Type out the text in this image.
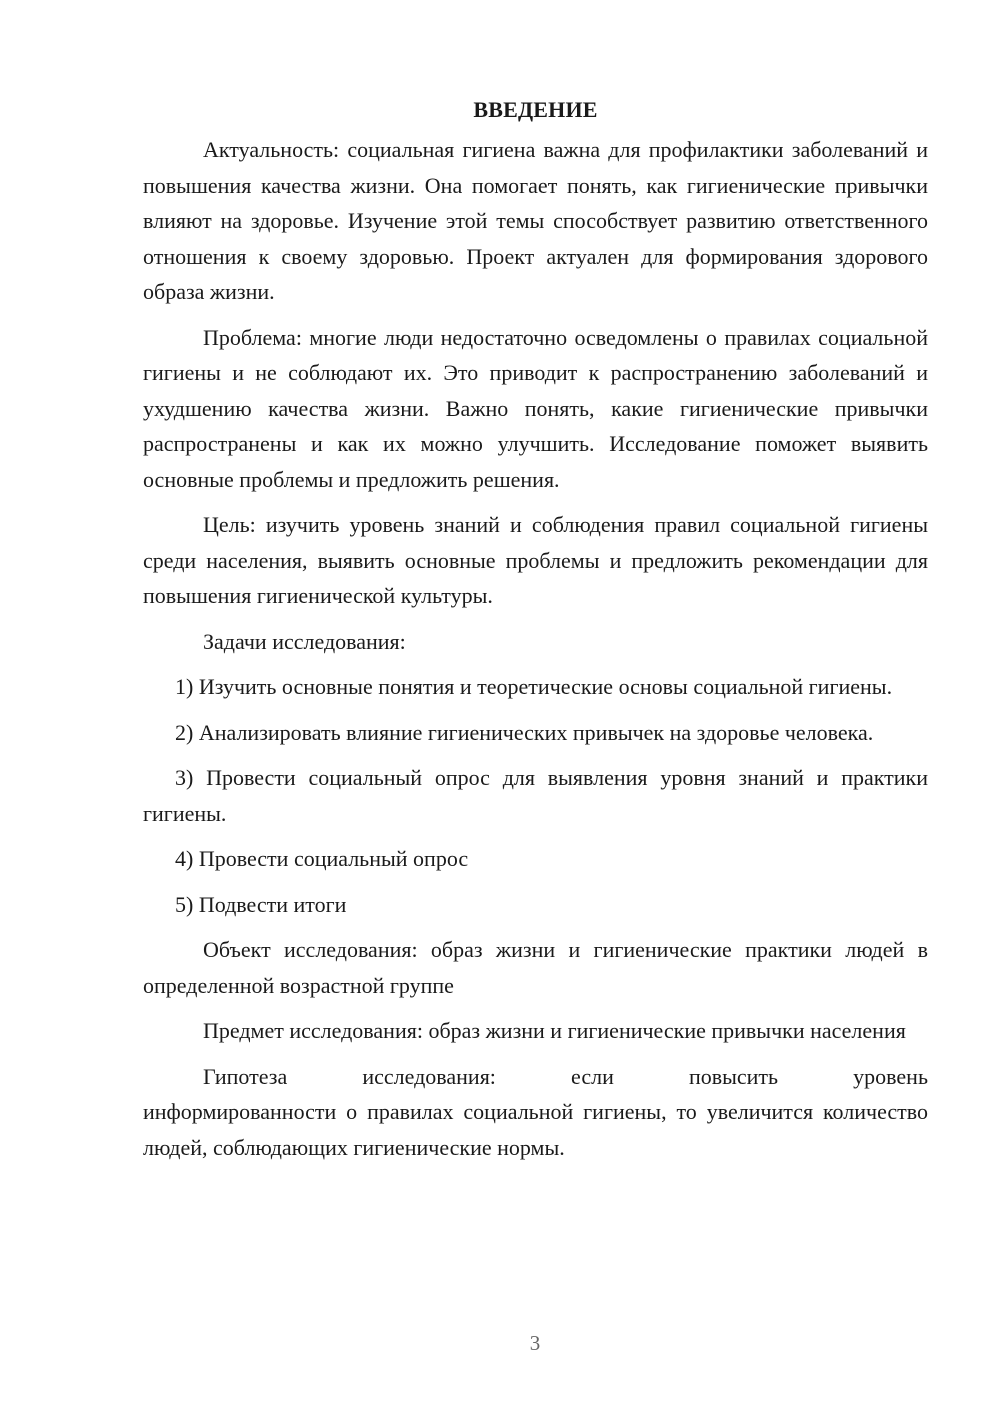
ВВЕДЕНИЕ

Актуальность: социальная гигиена важна для профилактики заболеваний и повышения качества жизни. Она помогает понять, как гигиенические привычки влияют на здоровье. Изучение этой темы способствует развитию ответственного отношения к своему здоровью. Проект актуален для формирования здорового образа жизни.

Проблема: многие люди недостаточно осведомлены о правилах социальной гигиены и не соблюдают их. Это приводит к распространению заболеваний и ухудшению качества жизни. Важно понять, какие гигиенические привычки распространены и как их можно улучшить. Исследование поможет выявить основные проблемы и предложить решения.

Цель: изучить уровень знаний и соблюдения правил социальной гигиены среди населения, выявить основные проблемы и предложить рекомендации для повышения гигиенической культуры.

Задачи исследования:

1) Изучить основные понятия и теоретические основы социальной гигиены.

2) Анализировать влияние гигиенических привычек на здоровье человека.

3) Провести социальный опрос для выявления уровня знаний и практики гигиены.

4) Провести социальный опрос

5) Подвести итоги

Объект исследования: образ жизни и гигиенические практики людей в определенной возрастной группе

Предмет исследования: образ жизни и гигиенические привычки населения

Гипотеза исследования: если повысить уровень

информированности о правилах социальной гигиены, то увеличится количество людей, соблюдающих гигиенические нормы.

3
